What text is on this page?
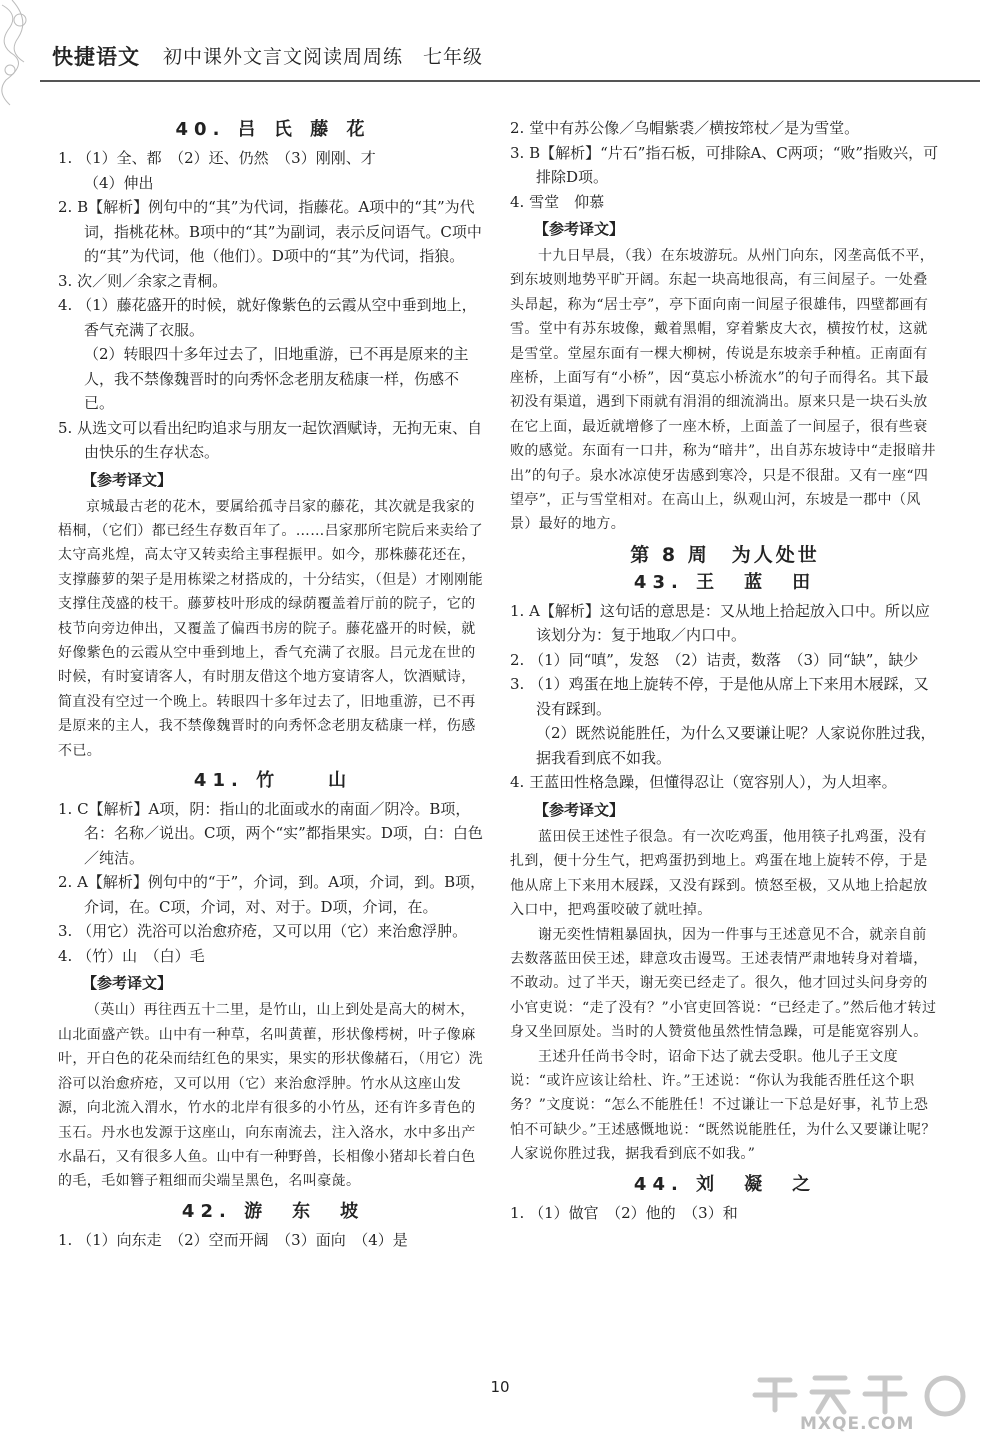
快捷语文 初中课外文言文阅读周周练　七年级
40. 吕 氏 藤 花

1. （1）全、都　（2）还、仍然　（3）刚刚、才

（4）伸出

2. B【解析】例句中的“其”为代词，指藤花。A项中的“其”为代词，指桃花林。B项中的“其”为副词，表示反问语气。C项中的“其”为代词，他（他们）。D项中的“其”为代词，指狼。

3. 次／则／余家之青桐。

4. （1）藤花盛开的时候，就好像紫色的云霞从空中垂到地上，香气充满了衣服。

（2）转眼四十多年过去了，旧地重游，已不再是原来的主人，我不禁像魏晋时的向秀怀念老朋友嵇康一样，伤感不已。

5. 从选文可以看出纪昀追求与朋友一起饮酒赋诗，无拘无束、自由快乐的生存状态。

【参考译文】

京城最古老的花木，要属给孤寺吕家的藤花，其次就是我家的梧桐，（它们）都已经生存数百年了。……吕家那所宅院后来卖给了太守高兆煌，高太守又转卖给主事程振甲。如今，那株藤花还在，支撑藤萝的架子是用栋梁之材搭成的，十分结实，（但是）才刚刚能支撑住茂盛的枝干。藤萝枝叶形成的绿荫覆盖着厅前的院子，它的枝节向旁边伸出，又覆盖了偏西书房的院子。藤花盛开的时候，就好像紫色的云霞从空中垂到地上，香气充满了衣服。吕元龙在世的时候，有时宴请客人，有时朋友借这个地方宴请客人，饮酒赋诗，简直没有空过一个晚上。转眼四十多年过去了，旧地重游，已不再是原来的主人，我不禁像魏晋时的向秀怀念老朋友嵇康一样，伤感不已。

41. 竹　　山

1. C【解析】A项，阴：指山的北面或水的南面／阴冷。B项，名：名称／说出。C项，两个“实”都指果实。D项，白：白色／纯洁。

2. A【解析】例句中的“于”，介词，到。A项，介词，到。B项，介词，在。C项，介词，对、对于。D项，介词，在。

3. （用它）洗浴可以治愈疥疮，又可以用（它）来治愈浮肿。

4. （竹）山　（白）毛

【参考译文】

（英山）再往西五十二里，是竹山，山上到处是高大的树木，山北面盛产铁。山中有一种草，名叫黄雚，形状像樗树，叶子像麻叶，开白色的花朵而结红色的果实，果实的形状像赭石，（用它）洗浴可以治愈疥疮，又可以用（它）来治愈浮肿。竹水从这座山发源，向北流入渭水，竹水的北岸有很多的小竹丛，还有许多青色的玉石。丹水也发源于这座山，向东南流去，注入洛水，水中多出产水晶石，又有很多人鱼。山中有一种野兽，长相像小猪却长着白色的毛，毛如簪子粗细而尖端呈黑色，名叫豪彘。

42. 游　东　坡

1. （1）向东走　（2）空而开阔　（3）面向　（4）是

2. 堂中有苏公像／乌帽紫裘／横按筇杖／是为雪堂。

3. B【解析】“片石”指石板，可排除A、C两项；“败”指败兴，可排除D项。

4. 雪堂　仰慕

【参考译文】

十九日早晨，（我）在东坡游玩。从州门向东，冈垄高低不平，到东坡则地势平旷开阔。东起一块高地很高，有三间屋子。一处叠头昂起，称为“居士亭”，亭下面向南一间屋子很雄伟，四壁都画有雪。堂中有苏东坡像，戴着黑帽，穿着紫皮大衣，横按竹杖，这就是雪堂。堂屋东面有一棵大柳树，传说是东坡亲手种植。正南面有座桥，上面写有“小桥”，因“莫忘小桥流水”的句子而得名。其下最初没有渠道，遇到下雨就有涓涓的细流淌出。原来只是一块石头放在它上面，最近就增修了一座木桥，上面盖了一间屋子，很有些衰败的感觉。东面有一口井，称为“暗井”，出自苏东坡诗中“走报暗井出”的句子。泉水冰凉使牙齿感到寒冷，只是不很甜。又有一座“四望亭”，正与雪堂相对。在高山上，纵观山河，东坡是一郡中（风景）最好的地方。

第 8 周　为人处世
43. 王　蓝　田

1. A【解析】这句话的意思是：又从地上拾起放入口中。所以应该划分为：复于地取／内口中。

2. （1）同“嗔”，发怒　（2）诘责，数落　（3）同“缺”，缺少

3. （1）鸡蛋在地上旋转不停，于是他从席上下来用木屐踩，又没有踩到。

（2）既然说能胜任，为什么又要谦让呢？人家说你胜过我，据我看到底不如我。

4. 王蓝田性格急躁，但懂得忍让（宽容别人），为人坦率。

【参考译文】

蓝田侯王述性子很急。有一次吃鸡蛋，他用筷子扎鸡蛋，没有扎到，便十分生气，把鸡蛋扔到地上。鸡蛋在地上旋转不停，于是他从席上下来用木屐踩，又没有踩到。愤怒至极，又从地上拾起放入口中，把鸡蛋咬破了就吐掉。

谢无奕性情粗暴固执，因为一件事与王述意见不合，就亲自前去数落蓝田侯王述，肆意攻击谩骂。王述表情严肃地转身对着墙，不敢动。过了半天，谢无奕已经走了。很久，他才回过头问身旁的小官吏说：“走了没有？”小官吏回答说：“已经走了。”然后他才转过身又坐回原处。当时的人赞赏他虽然性情急躁，可是能宽容别人。

王述升任尚书令时，诏命下达了就去受职。他儿子王文度说：“或许应该让给杜、许。”王述说：“你认为我能否胜任这个职务？”文度说：“怎么不能胜任！不过谦让一下总是好事，礼节上恐怕不可缺少。”王述感慨地说：“既然说能胜任，为什么又要谦让呢？人家说你胜过我，据我看到底不如我。”

44. 刘　凝　之

1. （1）做官　（2）他的　（3）和

10
MXQE.COM
